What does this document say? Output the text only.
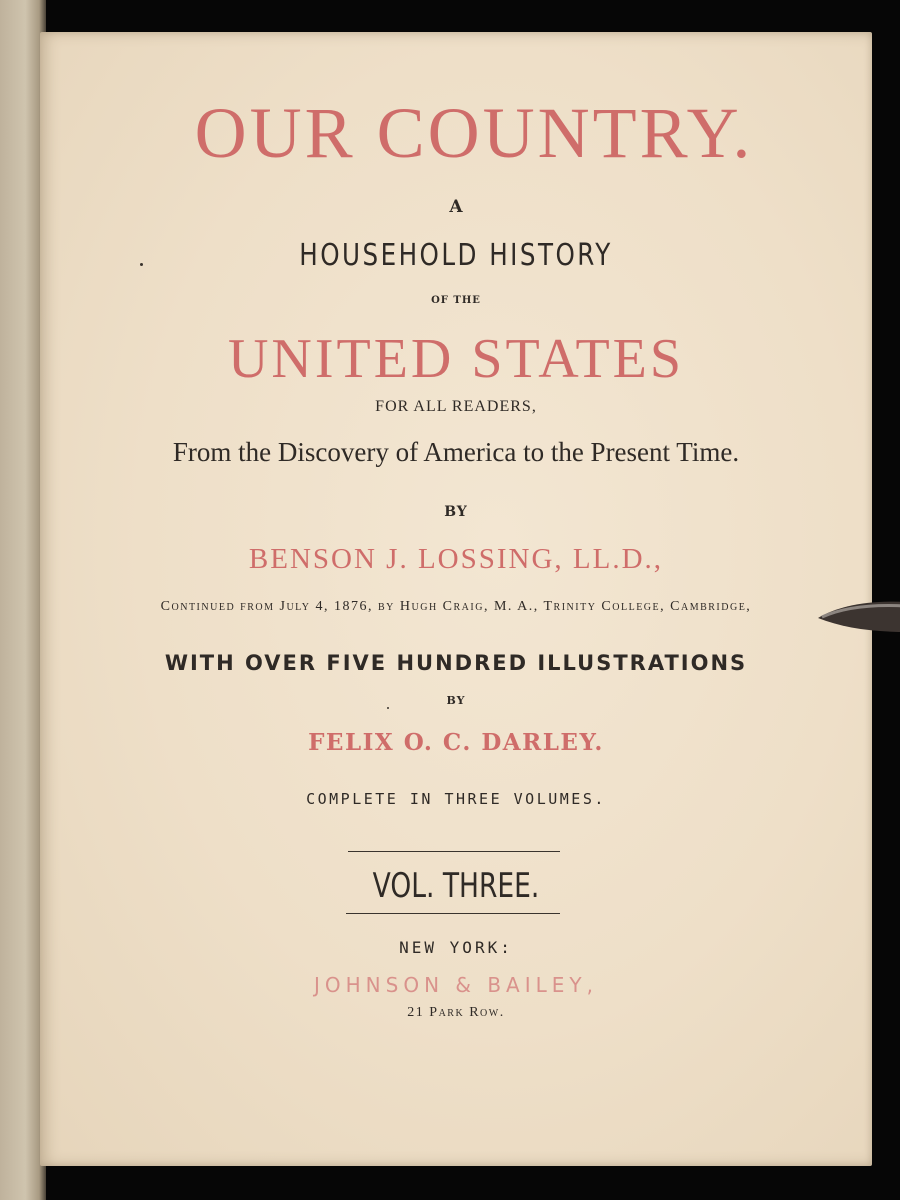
OUR COUNTRY.

A

HOUSEHOLD HISTORY

OF THE

UNITED STATES

FOR ALL READERS,

From the Discovery of America to the Present Time.

BY

BENSON J. LOSSING, LL.D.,

Continued from July 4, 1876, by Hugh Craig, M. A., Trinity College, Cambridge,

WITH OVER FIVE HUNDRED ILLUSTRATIONS

BY

FELIX O. C. DARLEY.

COMPLETE IN THREE VOLUMES.

VOL. THREE.

NEW YORK:

JOHNSON & BAILEY,

21 Park Row.
